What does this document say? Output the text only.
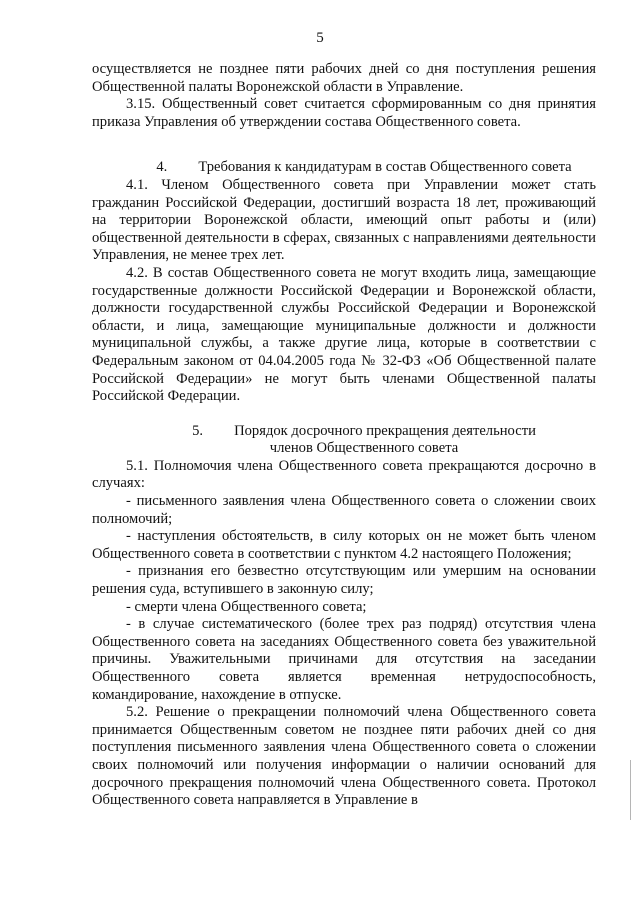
5

осуществляется не позднее пяти рабочих дней со дня поступления решения Общественной палаты Воронежской области в Управление.

3.15. Общественный совет считается сформированным со дня принятия приказа Управления об утверждении состава Общественного совета.

4. Требования к кандидатурам в состав Общественного совета

4.1. Членом Общественного совета при Управлении может стать гражданин Российской Федерации, достигший возраста 18 лет, проживающий на территории Воронежской области, имеющий опыт работы и (или) общественной деятельности в сферах, связанных с направлениями деятельности Управления, не менее трех лет.

4.2. В состав Общественного совета не могут входить лица, замещающие государственные должности Российской Федерации и Воронежской области, должности государственной службы Российской Федерации и Воронежской области, и лица, замещающие муниципальные должности и должности муниципальной службы, а также другие лица, которые в соответствии с Федеральным законом от 04.04.2005 года № 32-ФЗ «Об Общественной палате Российской Федерации» не могут быть членами Общественной палаты Российской Федерации.

5. Порядок досрочного прекращения деятельности
членов Общественного совета

5.1. Полномочия члена Общественного совета прекращаются досрочно в случаях:

- письменного заявления члена Общественного совета о сложении своих полномочий;

- наступления обстоятельств, в силу которых он не может быть членом Общественного совета в соответствии с пунктом 4.2 настоящего Положения;

- признания его безвестно отсутствующим или умершим на основании решения суда, вступившего в законную силу;

- смерти члена Общественного совета;

- в случае систематического (более трех раз подряд) отсутствия члена Общественного совета на заседаниях Общественного совета без уважительной причины. Уважительными причинами для отсутствия на заседании Общественного совета является временная нетрудоспособность, командирование, нахождение в отпуске.

5.2. Решение о прекращении полномочий члена Общественного совета принимается Общественным советом не позднее пяти рабочих дней со дня поступления письменного заявления члена Общественного совета о сложении своих полномочий или получения информации о наличии оснований для досрочного прекращения полномочий члена Общественного совета. Протокол Общественного совета направляется в Управление в
